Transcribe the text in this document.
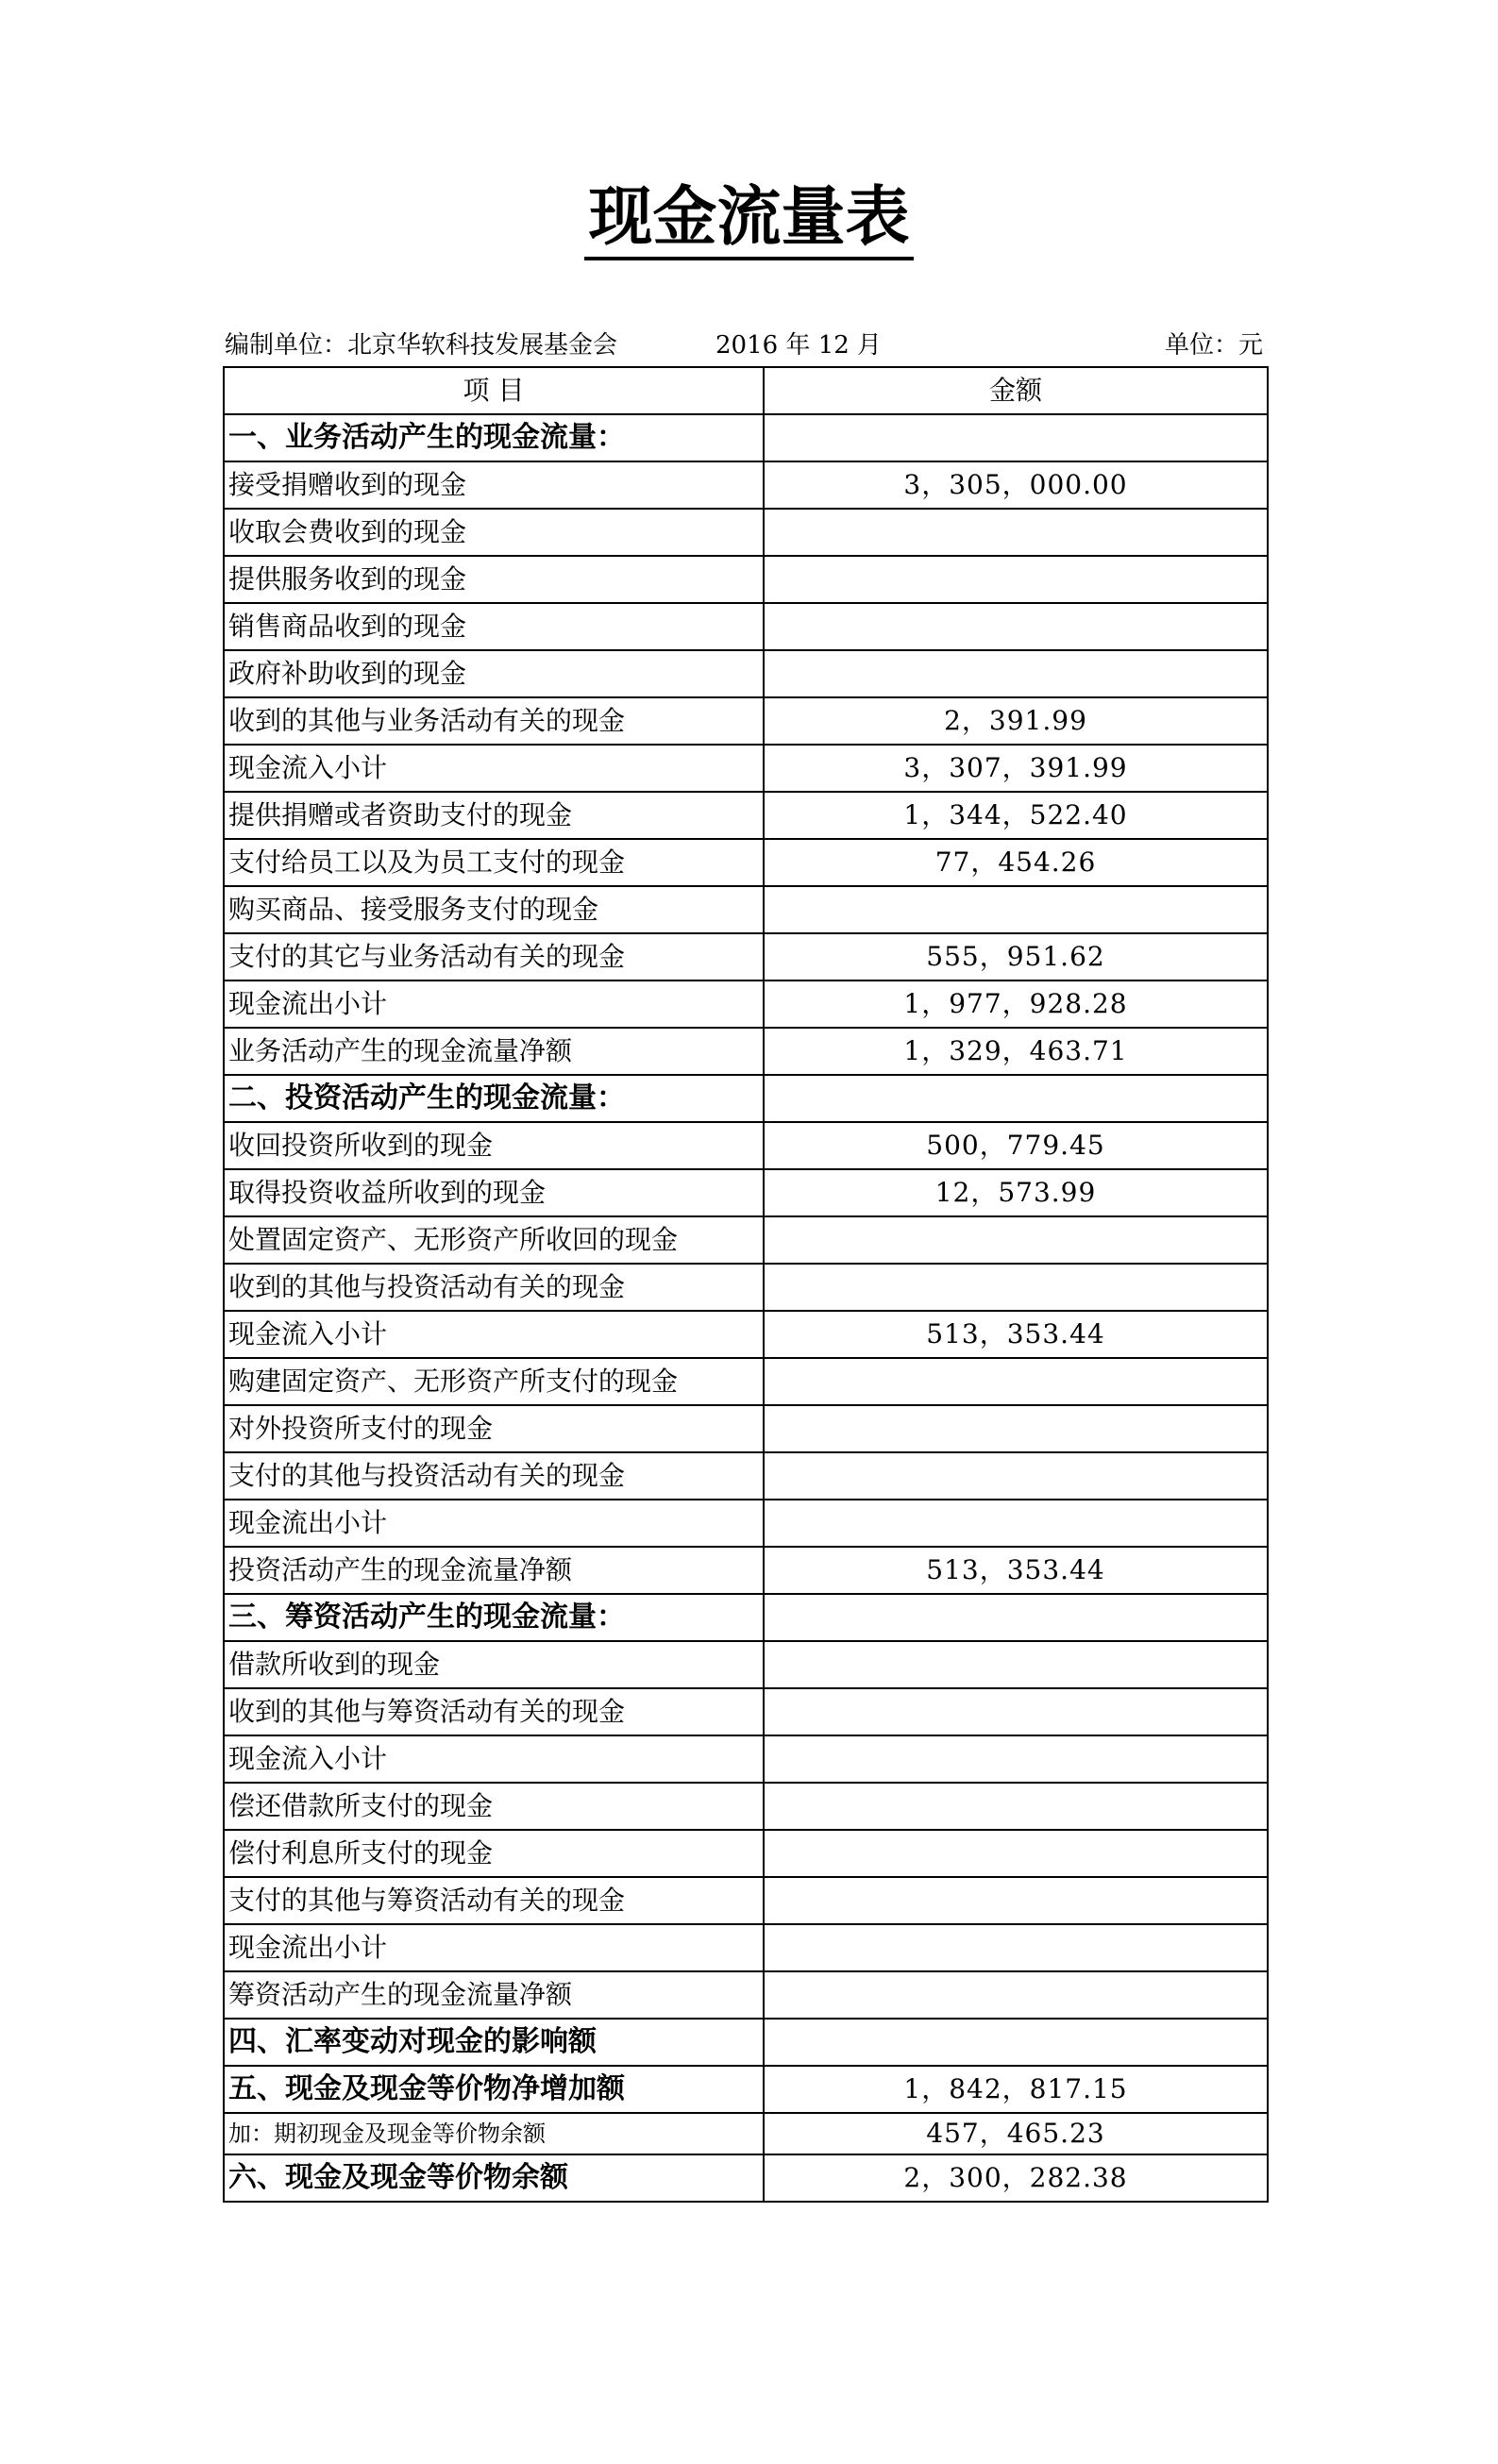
现金流量表
编制单位：北京华软科技发展基金会	2016 年 12 月	单位：元
项 目	金额
一、业务活动产生的现金流量：	
接受捐赠收到的现金	3，305，000.00
收取会费收到的现金	
提供服务收到的现金	
销售商品收到的现金	
政府补助收到的现金	
收到的其他与业务活动有关的现金	2，391.99
现金流入小计	3，307，391.99
提供捐赠或者资助支付的现金	1，344，522.40
支付给员工以及为员工支付的现金	77，454.26
购买商品、接受服务支付的现金	
支付的其它与业务活动有关的现金	555，951.62
现金流出小计	1，977，928.28
业务活动产生的现金流量净额	1，329，463.71
二、投资活动产生的现金流量：	
收回投资所收到的现金	500，779.45
取得投资收益所收到的现金	12，573.99
处置固定资产、无形资产所收回的现金	
收到的其他与投资活动有关的现金	
现金流入小计	513，353.44
购建固定资产、无形资产所支付的现金	
对外投资所支付的现金	
支付的其他与投资活动有关的现金	
现金流出小计	
投资活动产生的现金流量净额	513，353.44
三、筹资活动产生的现金流量：	
借款所收到的现金	
收到的其他与筹资活动有关的现金	
现金流入小计	
偿还借款所支付的现金	
偿付利息所支付的现金	
支付的其他与筹资活动有关的现金	
现金流出小计	
筹资活动产生的现金流量净额	
四、汇率变动对现金的影响额	
五、现金及现金等价物净增加额	1，842，817.15
加：期初现金及现金等价物余额	457，465.23
六、现金及现金等价物余额	2，300，282.38
